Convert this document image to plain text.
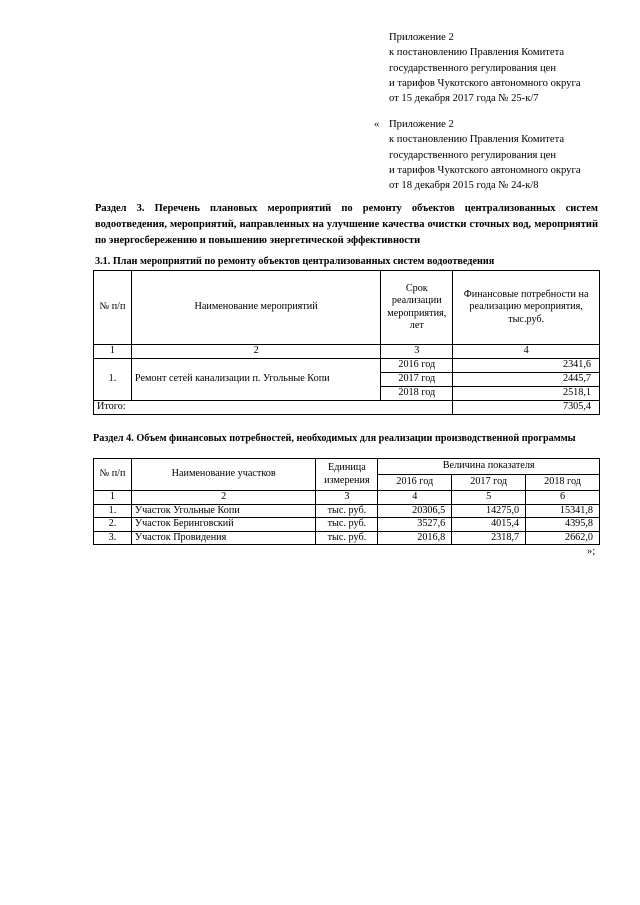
Приложение 2
к постановлению Правления Комитета
государственного регулирования цен
и тарифов Чукотского автономного округа
от 15 декабря 2017 года № 25-к/7
« Приложение 2
к постановлению Правления Комитета
государственного регулирования цен
и тарифов Чукотского автономного округа
от 18 декабря 2015 года № 24-к/8
Раздел 3. Перечень плановых мероприятий по ремонту объектов централизованных систем водоотведения, мероприятий, направленных на улучшение качества очистки сточных вод, мероприятий по энергосбережению и повышению энергетической эффективности
3.1. План мероприятий по ремонту объектов централизованных систем водоотведения
№ п/п	Наименование мероприятий	Срок реализации мероприятия, лет	Финансовые потребности на реализацию мероприятия, тыс.руб.
1	2	3	4
1.	Ремонт сетей канализации п. Угольные Копи	2016 год	2341,6
		2017 год	2445,7
		2018 год	2518,1
Итого:			7305,4
Раздел 4. Объем финансовых потребностей, необходимых для реализации производственной программы
№ п/п	Наименование участков	Единица измерения	Величина показателя		
			2016 год	2017 год	2018 год
1	2	3	4	5	6
1.	Участок Угольные Копи	тыс. руб.	20306,5	14275,0	15341,8
2.	Участок Беринговский	тыс. руб.	3527,6	4015,4	4395,8
3.	Участок Провидения	тыс. руб.	2016,8	2318,7	2662,0
»;
